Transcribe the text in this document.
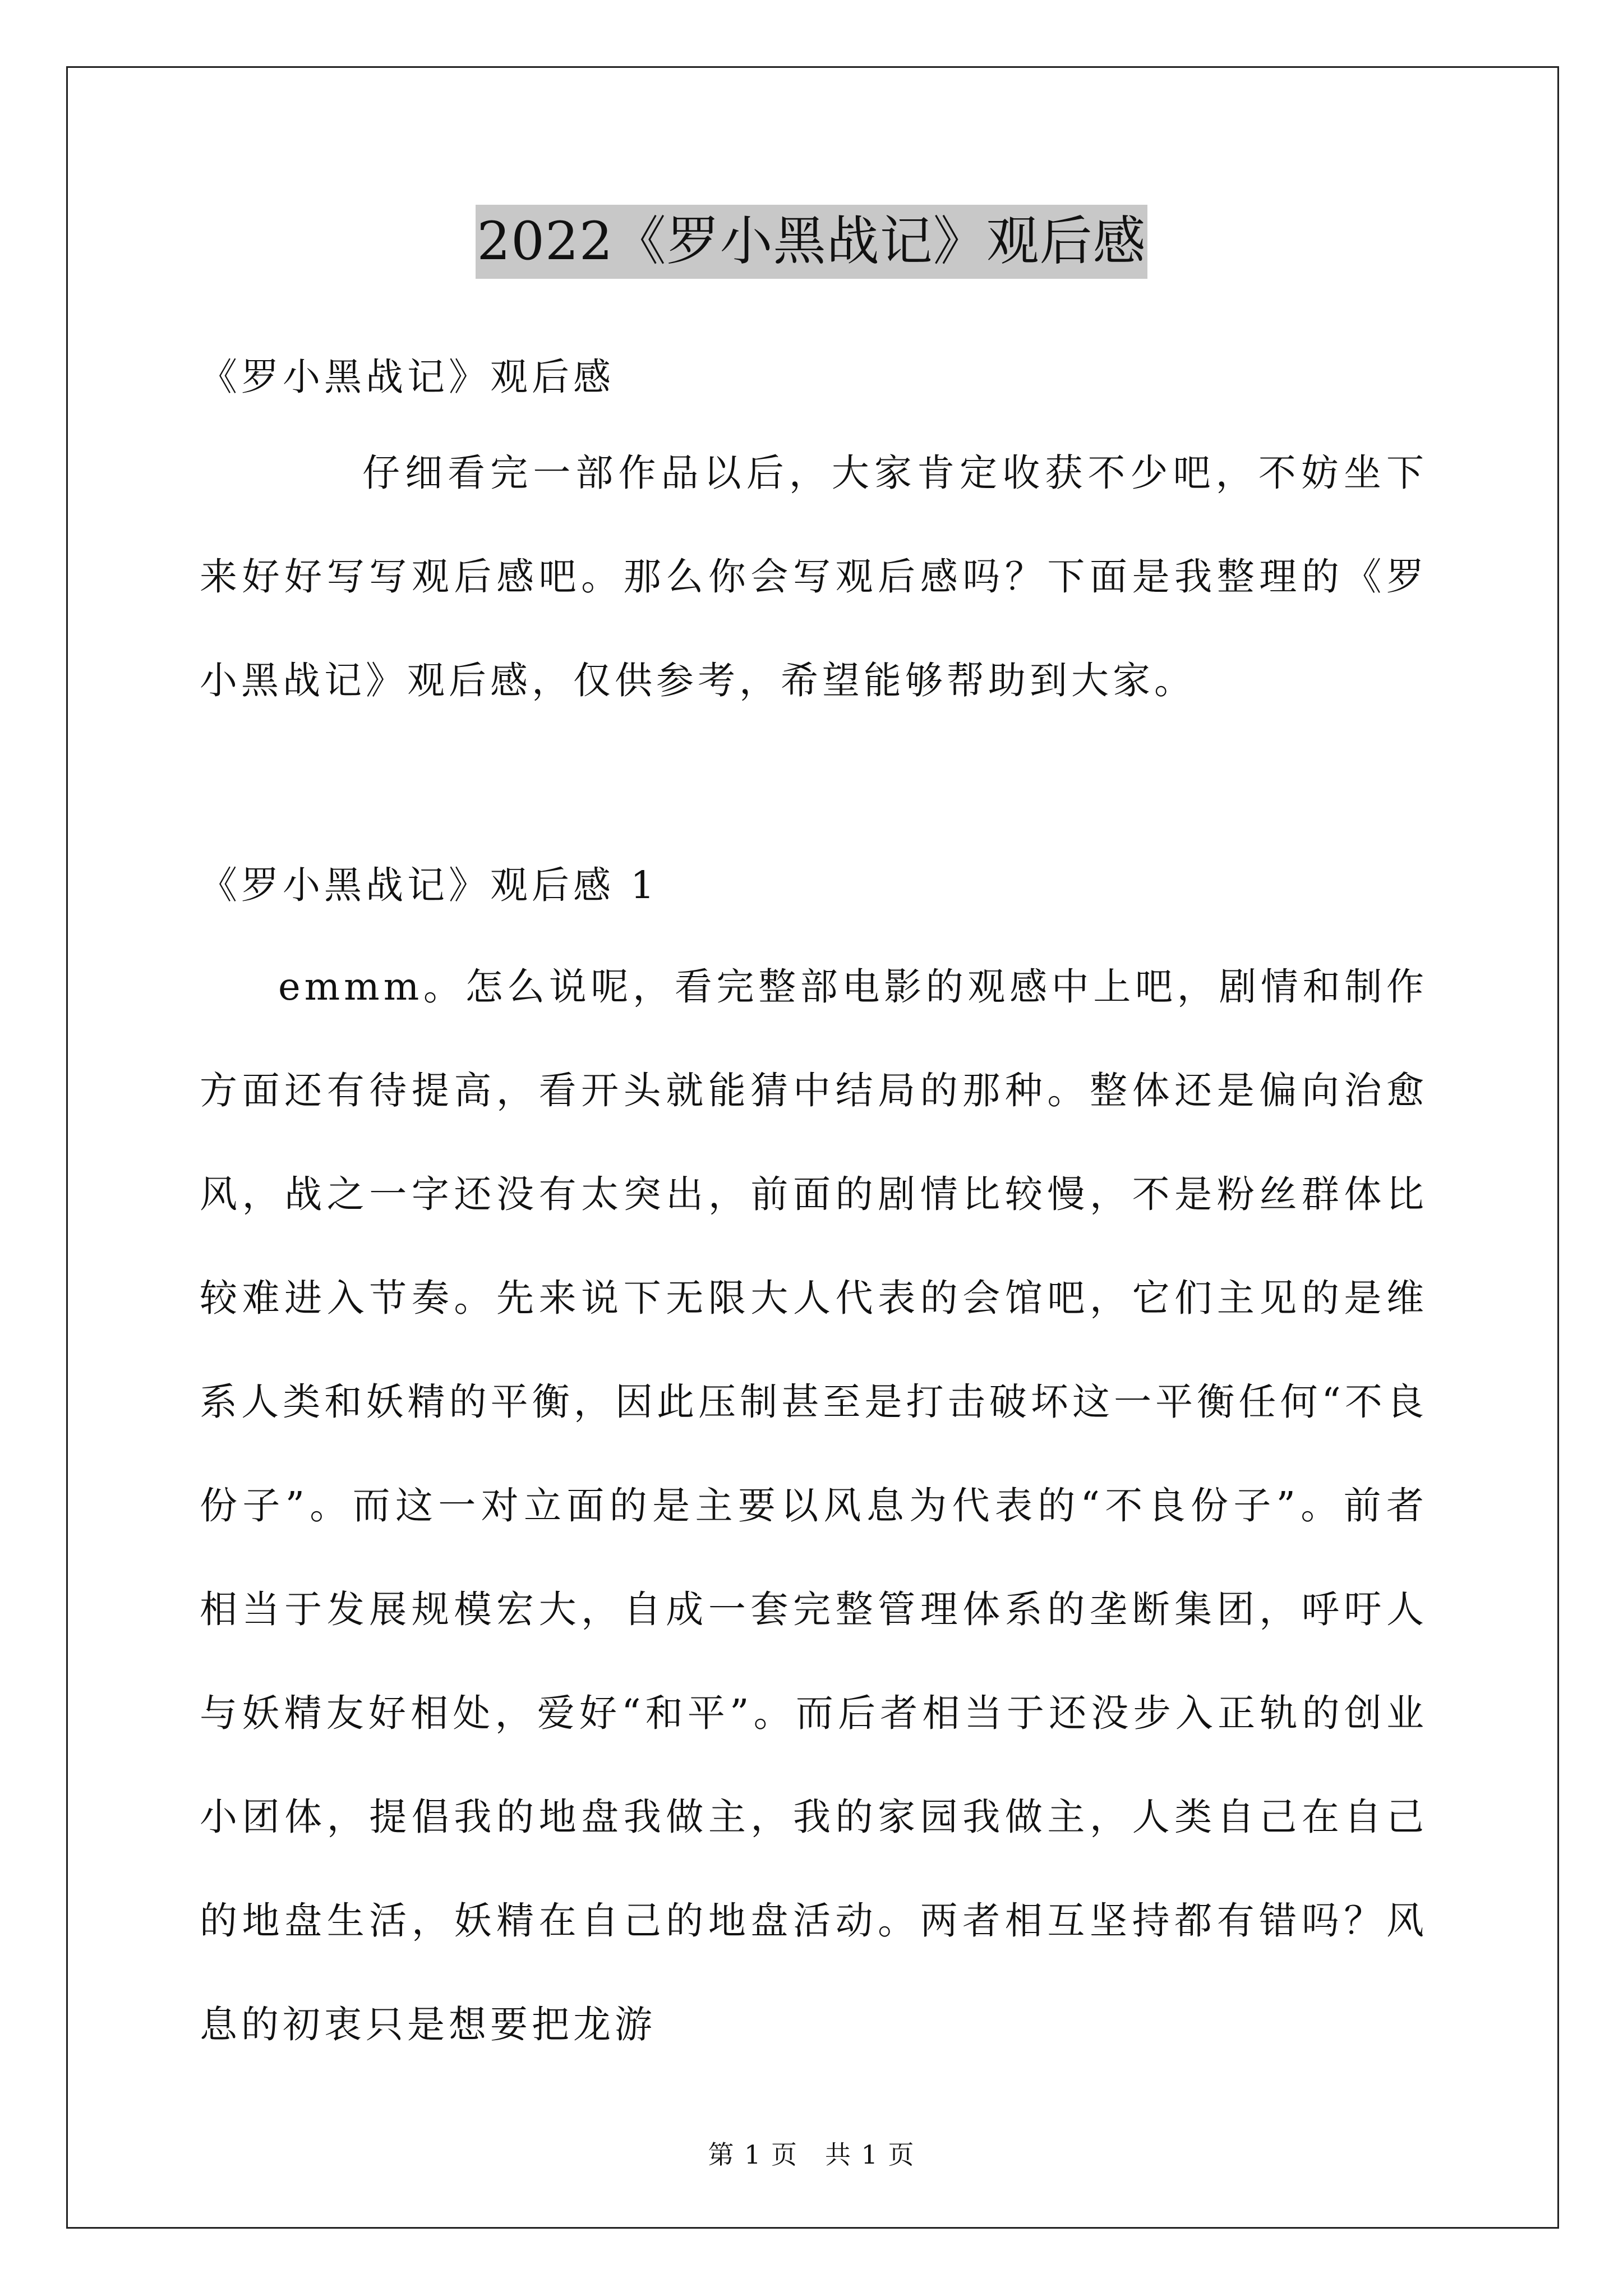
2022《罗小黑战记》观后感

《罗小黑战记》观后感

仔细看完一部作品以后，大家肯定收获不少吧，不妨坐下来好好写写观后感吧。那么你会写观后感吗？下面是我整理的《罗小黑战记》观后感，仅供参考，希望能够帮助到大家。

《罗小黑战记》观后感 1

emmm。怎么说呢，看完整部电影的观感中上吧，剧情和制作方面还有待提高，看开头就能猜中结局的那种。整体还是偏向治愈风，战之一字还没有太突出，前面的剧情比较慢，不是粉丝群体比较难进入节奏。先来说下无限大人代表的会馆吧，它们主见的是维系人类和妖精的平衡，因此压制甚至是打击破坏这一平衡任何“不良份子”。而这一对立面的是主要以风息为代表的“不良份子”。前者相当于发展规模宏大，自成一套完整管理体系的垄断集团，呼吁人与妖精友好相处，爱好“和平”。而后者相当于还没步入正轨的创业小团体，提倡我的地盘我做主，我的家园我做主，人类自己在自己的地盘生活，妖精在自己的地盘活动。两者相互坚持都有错吗？风息的初衷只是想要把龙游

第 1 页　共 1 页
